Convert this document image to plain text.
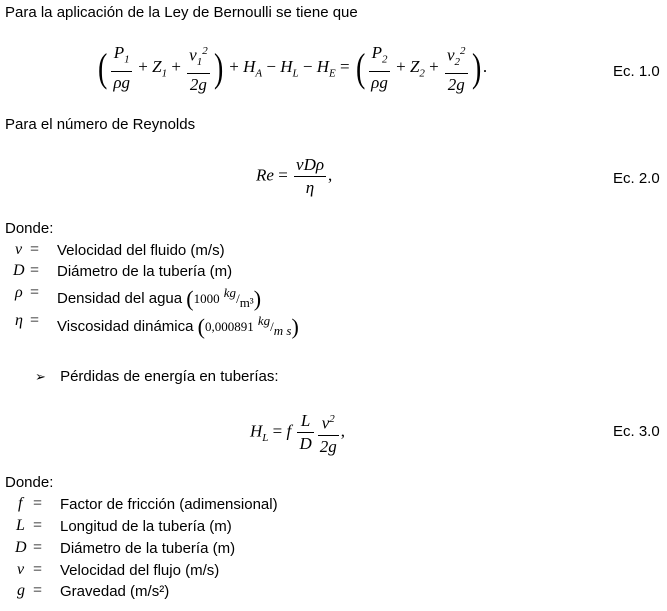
Para la aplicación de la Ley de Bernoulli se tiene que
( $\frac{P_1}{\rho g} + Z_1 + \frac{v_1^2}{2g}$ ) + $H_A - H_L - H_E$ = ( $\frac{P_2}{\rho g} + Z_2 + \frac{v_2^2}{2g}$ ) .	Ec. 1.0
Para el número de Reynolds
$Re = \frac{\text{vDρ}}{\eta}$ ,	Ec. 2.0
Donde:
v = Velocidad del fluido (m/s)
D = Diámetro de la tubería (m)
ρ = Densidad del agua (1000 $^{kg}/_{m^3}$)
η = Viscosidad dinámica (0,000891 $^{kg}/_{m s}$)
➢ Pérdidas de energía en tuberías:
$H_L = f \frac{L}{D} \frac{v^2}{2g}$ ,	Ec. 3.0
Donde:
f = Factor de fricción (adimensional)
L = Longitud de la tubería (m)
D = Diámetro de la tubería (m)
v = Velocidad del flujo (m/s)
g = Gravedad (m/s²)
